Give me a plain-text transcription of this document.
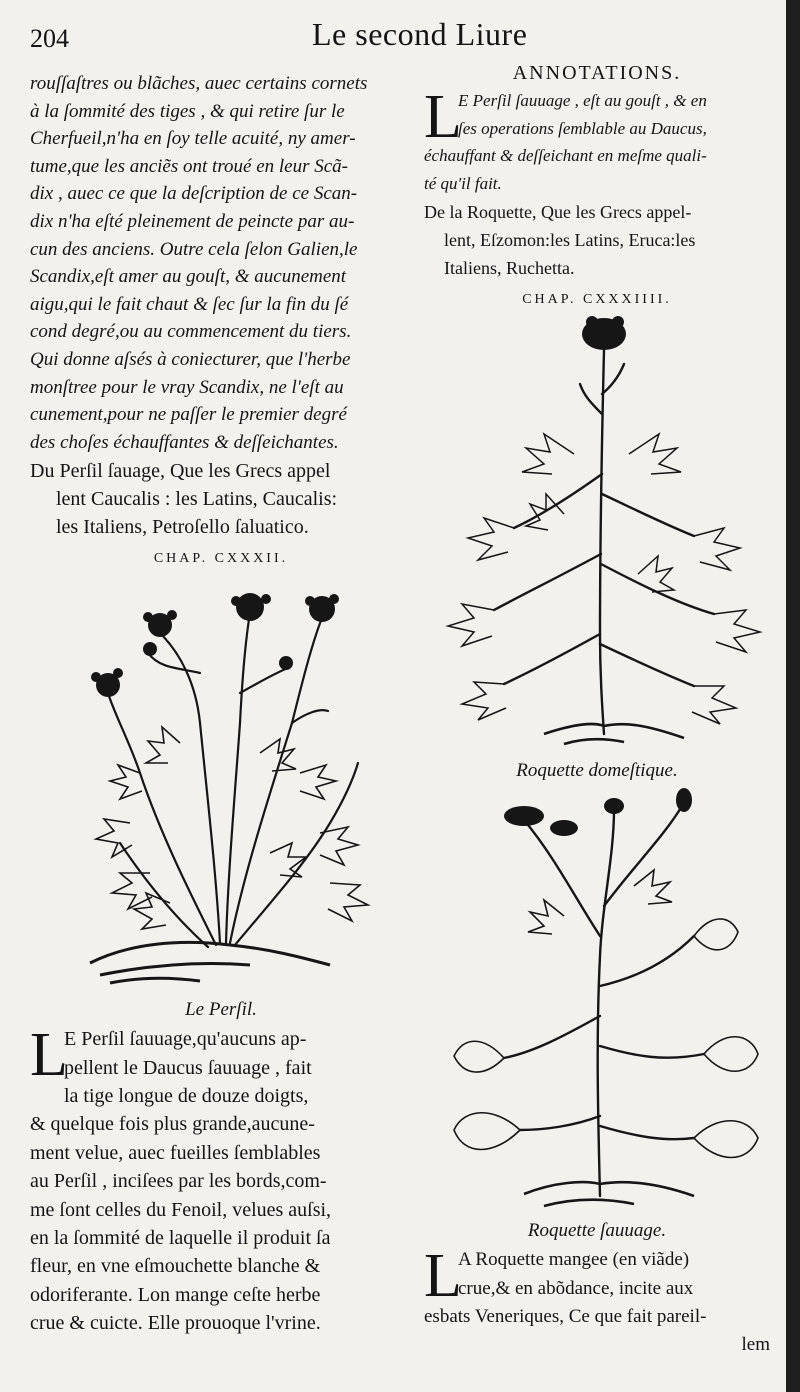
204	Le second Liure

rouſſaſtres ou blãches, auec certains cornets

à la ſommité des tiges , & qui retire ſur le

Cherfueil,n'ha en ſoy telle acuité, ny amer-

tume,que les anciẽs ont troué en leur Scã-

dix , auec ce que la deſcription de ce Scan-

dix n'ha eſté pleinement de peincte par au-

cun des anciens. Outre cela ſelon Galien,le

Scandix,eſt amer au gouſt, & aucunement

aigu,qui le fait chaut & ſec ſur la fin du ſé

cond degré,ou au commencement du tiers.

Qui donne aſsés à coniecturer, que l'herbe

monſtree pour le vray Scandix, ne l'eſt au

cunement,pour ne paſſer le premier degré

des choſes échauffantes & deſſeichantes.

Du Perſil ſauage, Que les Grecs appel

lent Caucalis : les Latins, Caucalis:

les Italiens, Petroſello ſaluatico.

CHAP. CXXXII.

Le Perſil.

L

E Perſil ſauuage,qu'aucuns ap-

pellent le Daucus ſauuage , fait

la tige longue de douze doigts,

& quelque fois plus grande,aucune-

ment velue, auec fueilles ſemblables

au Perſil , inciſees par les bords,com-

me ſont celles du Fenoil, velues auſsi,

en la ſommité de laquelle il produit ſa

fleur, en vne eſmouchette blanche &

odoriferante. Lon mange ceſte herbe

crue & cuicte. Elle prouoque l'vrine.

ANNOTATIONS.

L

E Perſil ſauuage , eſt au gouſt , & en

ſes operations ſemblable au Daucus,

échauffant & deſſeichant en meſme quali-

té qu'il fait.

De la Roquette, Que les Grecs appel-

lent, Eſzomon:les Latins, Eruca:les

Italiens, Ruchetta.

CHAP. CXXXIIII.

Roquette domeſtique.

Roquette ſauuage.

L

A Roquette mangee (en viãde)

crue,& en abõdance, incite aux

esbats Veneriques, Ce que fait pareil-

lem
